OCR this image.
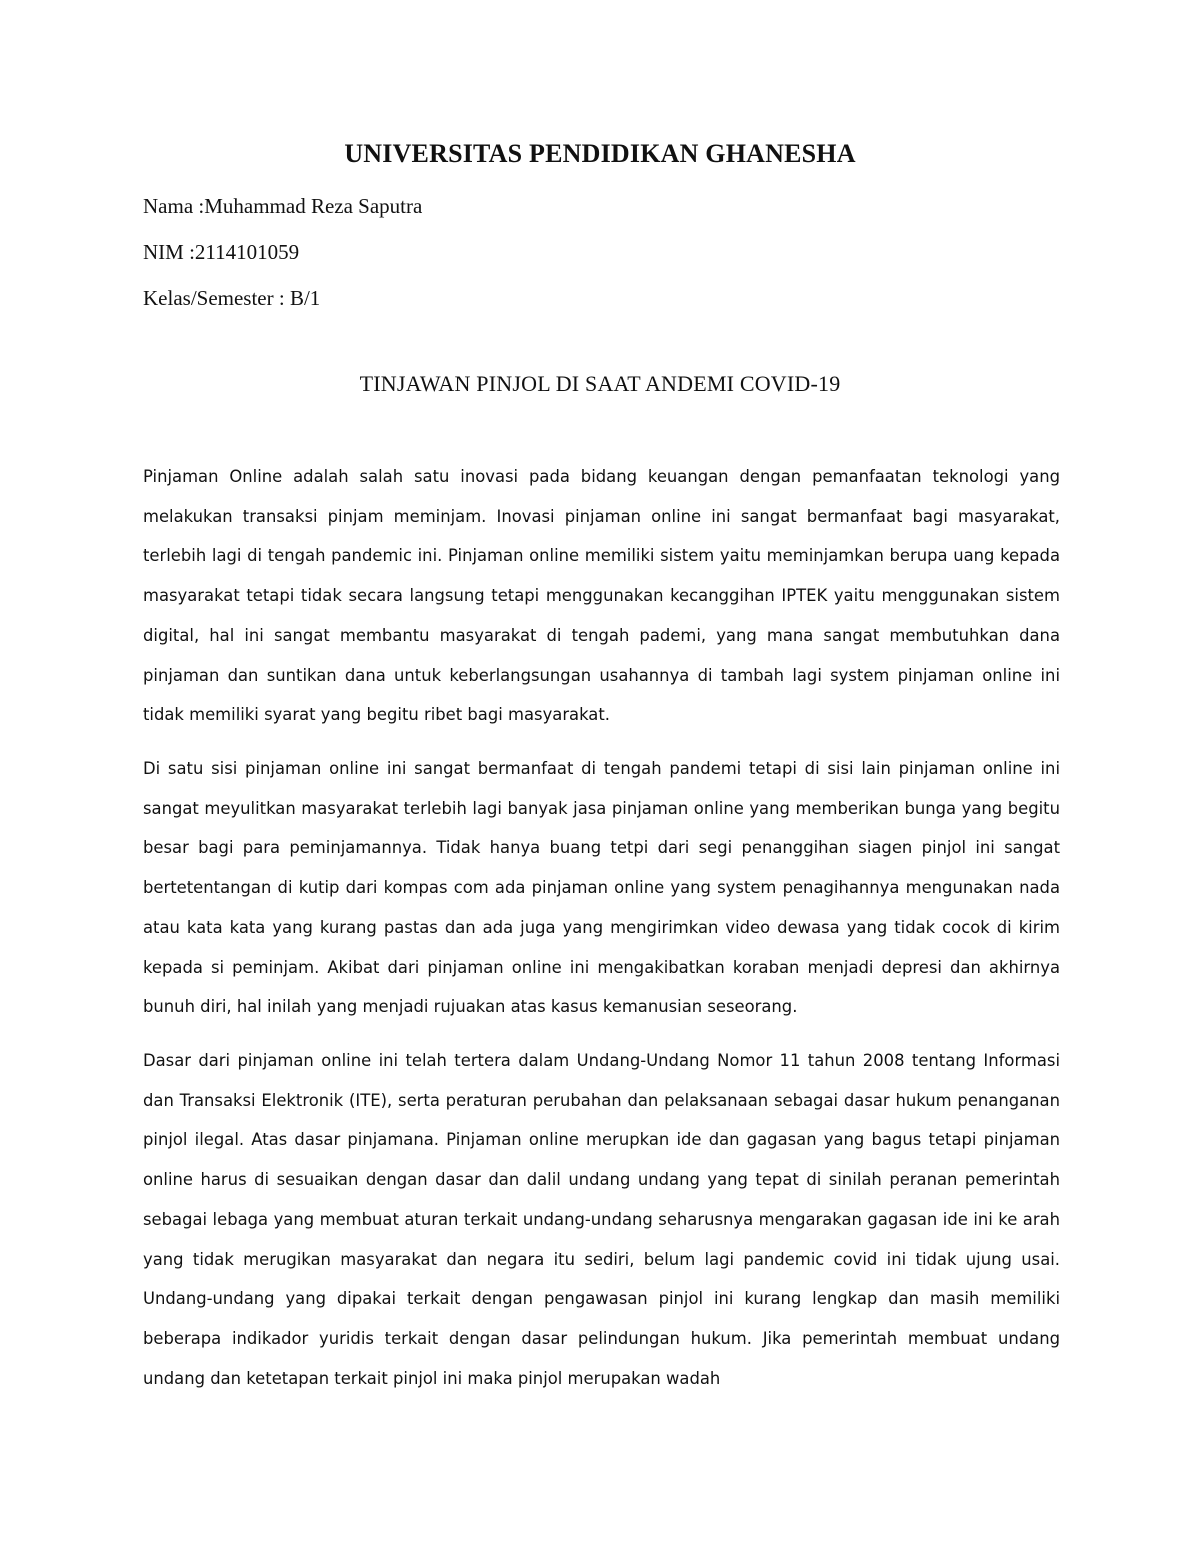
UNIVERSITAS PENDIDIKAN GHANESHA
Nama :Muhammad Reza Saputra
NIM :2114101059
Kelas/Semester : B/1
TINJAWAN PINJOL DI SAAT ANDEMI COVID-19

Pinjaman Online adalah salah satu inovasi pada bidang keuangan dengan pemanfaatan teknologi yang melakukan transaksi pinjam meminjam. Inovasi pinjaman online ini sangat bermanfaat bagi masyarakat, terlebih lagi di tengah pandemic ini. Pinjaman online memiliki sistem yaitu meminjamkan berupa uang kepada masyarakat tetapi tidak secara langsung tetapi menggunakan kecanggihan IPTEK yaitu menggunakan sistem digital, hal ini sangat membantu masyarakat di tengah pademi, yang mana sangat membutuhkan dana pinjaman dan suntikan dana untuk keberlangsungan usahannya di tambah lagi system pinjaman online ini tidak memiliki syarat yang begitu ribet bagi masyarakat.

Di satu sisi pinjaman online ini sangat bermanfaat di tengah pandemi tetapi di sisi lain pinjaman online ini sangat meyulitkan masyarakat terlebih lagi banyak jasa pinjaman online yang memberikan bunga yang begitu besar bagi para peminjamannya. Tidak hanya buang tetpi dari segi penanggihan siagen pinjol ini sangat bertetentangan di kutip dari kompas com ada pinjaman online yang system penagihannya mengunakan nada atau kata kata yang kurang pastas dan ada juga yang mengirimkan video dewasa yang tidak cocok di kirim kepada si peminjam. Akibat dari pinjaman online ini mengakibatkan koraban menjadi depresi dan akhirnya bunuh diri, hal inilah yang menjadi rujuakan atas kasus kemanusian seseorang.

Dasar dari pinjaman online ini telah tertera dalam Undang-Undang Nomor 11 tahun 2008 tentang Informasi dan Transaksi Elektronik (ITE), serta peraturan perubahan dan pelaksanaan sebagai dasar hukum penanganan pinjol ilegal. Atas dasar pinjamana. Pinjaman online merupkan ide dan gagasan yang bagus tetapi pinjaman online harus di sesuaikan dengan dasar dan dalil undang undang yang tepat di sinilah peranan pemerintah sebagai lebaga yang membuat aturan terkait undang-undang seharusnya mengarakan gagasan ide ini ke arah yang tidak merugikan masyarakat dan negara itu sediri, belum lagi pandemic covid ini tidak ujung usai. Undang-undang yang dipakai terkait dengan pengawasan pinjol ini kurang lengkap dan masih memiliki beberapa indikador yuridis terkait dengan dasar pelindungan hukum. Jika pemerintah membuat undang undang dan ketetapan terkait pinjol ini maka pinjol merupakan wadah
